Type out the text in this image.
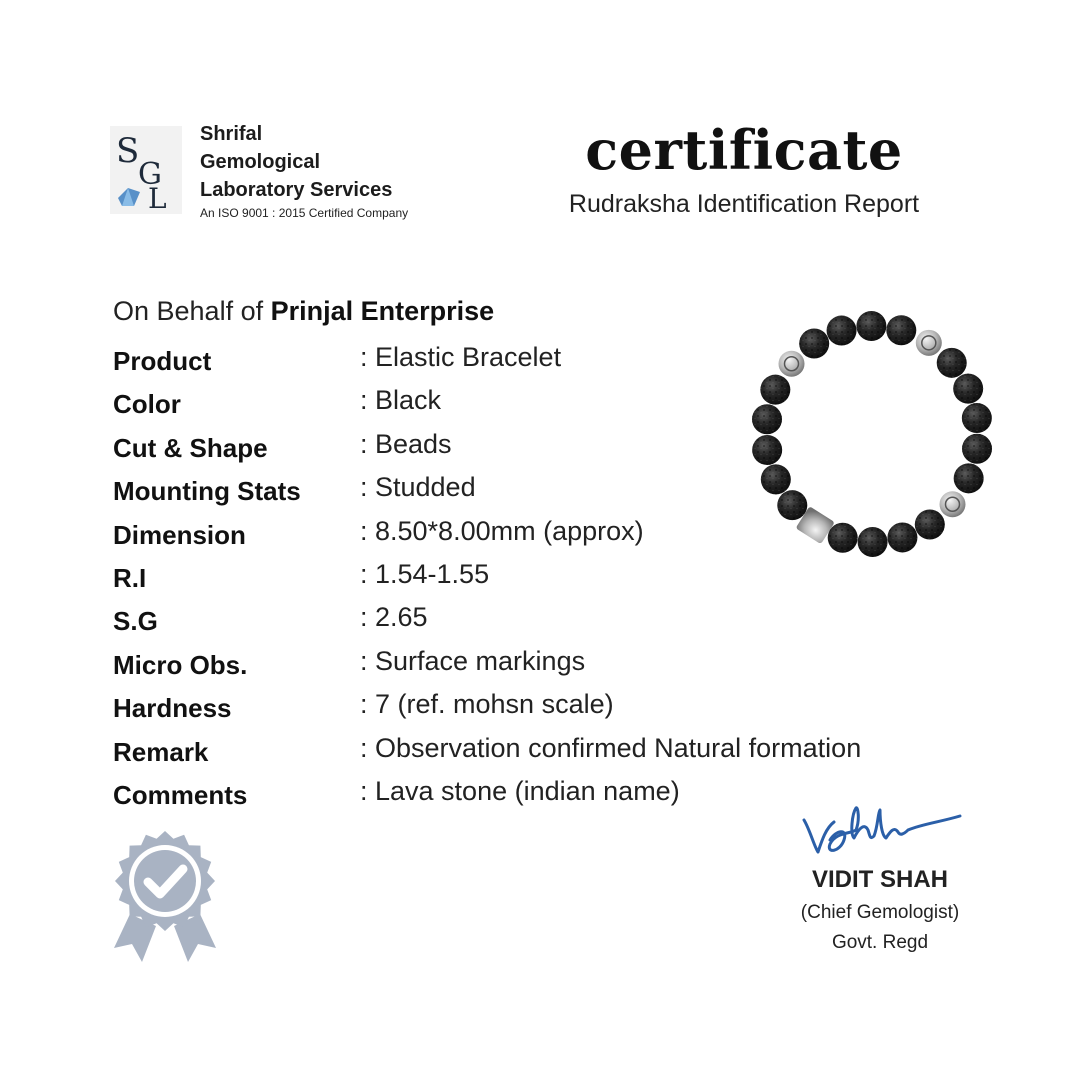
S
G
L
Shrifal
Gemological
Laboratory Services
An ISO 9001 : 2015 Certified Company
certificate
Rudraksha Identification Report
On Behalf of Prinjal Enterprise
Product	: Elastic Bracelet
Color	: Black
Cut & Shape	: Beads
Mounting Stats : Studded
Dimension	: 8.50*8.00mm (approx)
R.I	: 1.54-1.55
S.G	: 2.65
Micro Obs.	: Surface markings
Hardness	: 7 (ref. mohsn scale)
Remark	: Observation confirmed Natural formation
Comments	: Lava stone (indian name)
VIDIT SHAH
(Chief Gemologist)
Govt. Regd
